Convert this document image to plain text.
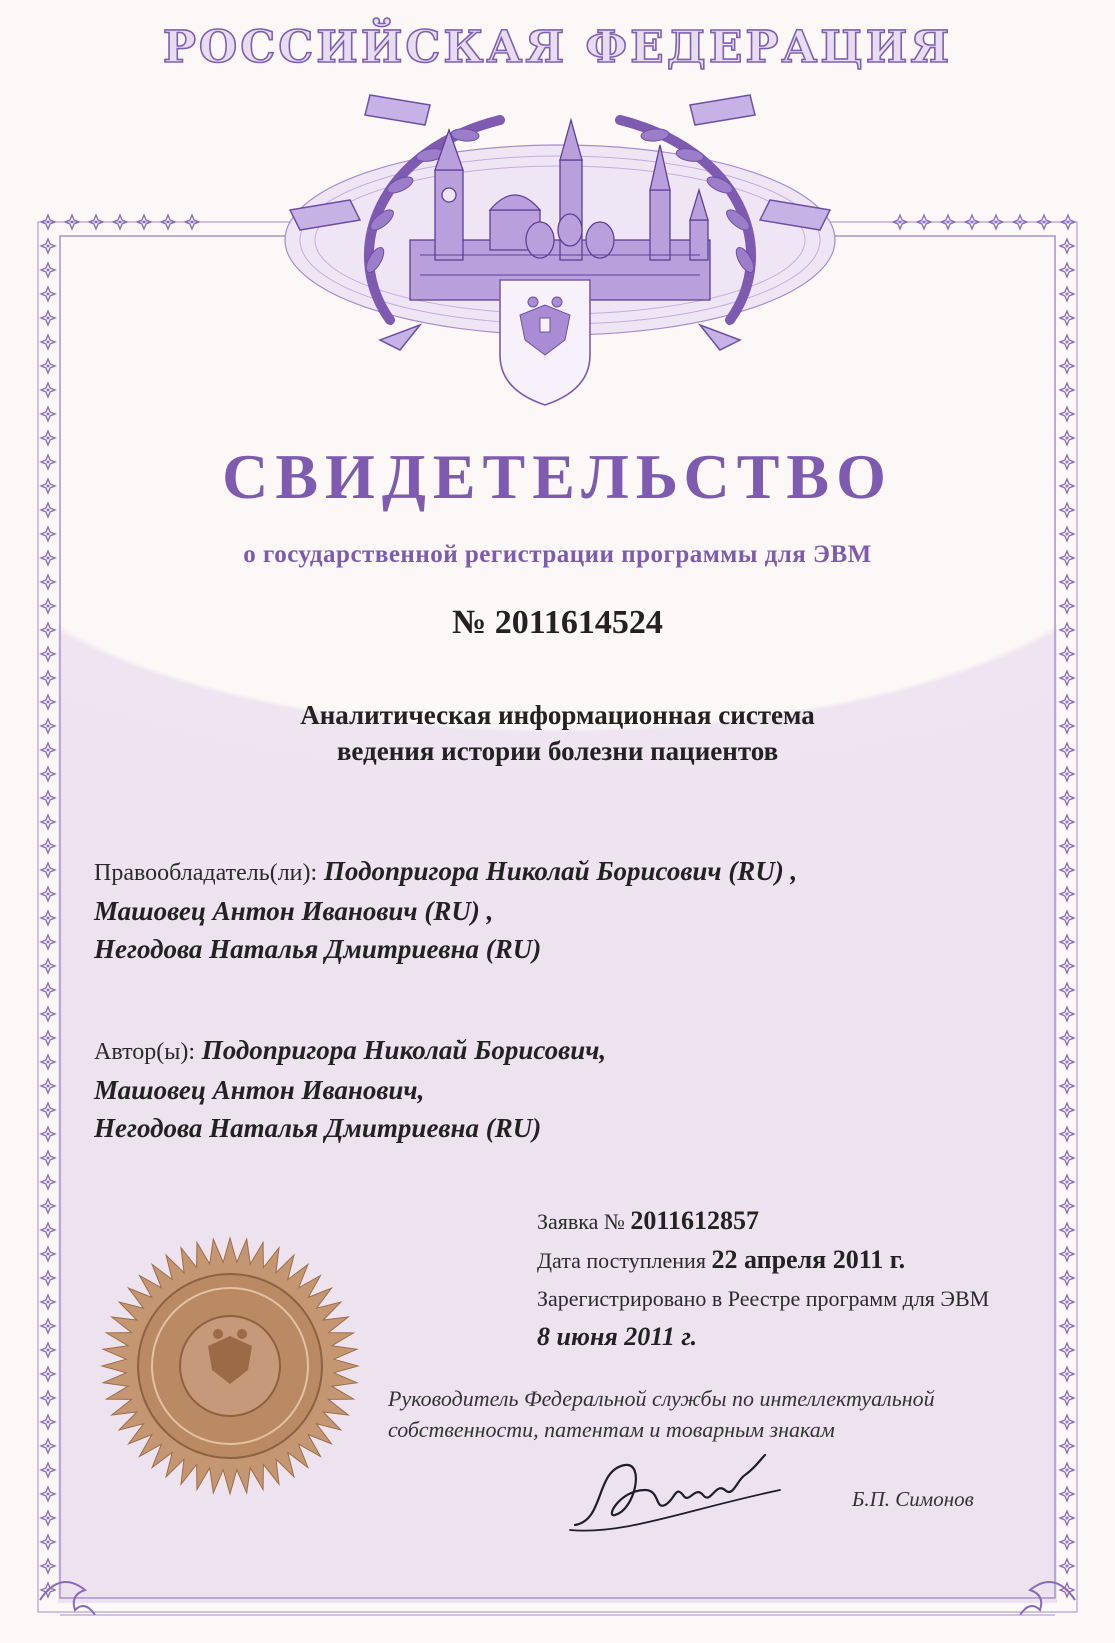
РОССИЙСКАЯ ФЕДЕРАЦИЯ
СВИДЕТЕЛЬСТВО
о государственной регистрации программы для ЭВМ
№ 2011614524
Аналитическая информационная система
ведения истории болезни пациентов
Правообладатель(ли): Подопригора Николай Борисович (RU) ,
Машовец Антон Иванович (RU) ,
Негодова Наталья Дмитриевна (RU)
Автор(ы): Подопригора Николай Борисович,
Машовец Антон Иванович,
Негодова Наталья Дмитриевна (RU)
Заявка № 2011612857
Дата поступления 22 апреля 2011 г.
Зарегистрировано в Реестре программ для ЭВМ
8 июня 2011 г.
Руководитель Федеральной службы по интеллектуальной
собственности, патентам и товарным знакам
Б.П. Симонов
